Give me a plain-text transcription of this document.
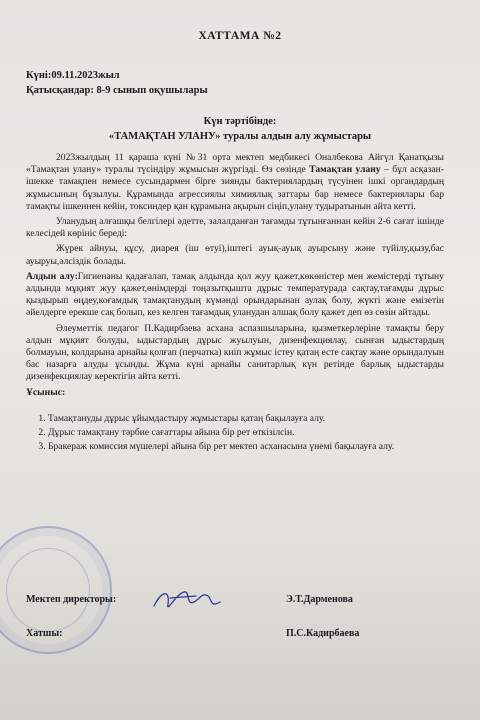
ХАТТАМА №2
Күні:09.11.2023жыл
Қатысқандар: 8-9 сынып оқушылары
Күн тәртібінде:
«ТАМАҚТАН УЛАНУ» туралы алдын алу жұмыстары

2023жылдың 11 қараша күні №31 орта мектеп медбикесі Оналбекова Айгүл Қанатқызы «Тамақтан улану» туралы түсіндіру жұмысын жүргізді. Өз сөзінде Тамақтан улану – бұл асқазан-ішекке тамақпен немесе сусындармен бірге зиянды бактериялардың түсуінен ішкі органдардың жұмысының бұзылуы. Құрамында агрессиялы химиялық заттары бар немесе бактериялары бар тамақты ішкеннен кейін, токсиндер қан құрамына ақырын сіңіп,улану тудыратынын айта кетті.

Уланудың алғашқы белгілері әдетте, залалданған тағамды тұтынғаннан кейін 2-6 сағат ішінде келесідей көрініс береді:

Жүрек айнуы, құсу, диарея (іш өтуі),іштегі ауық-ауық ауырсыну және түйілу,қызу,бас ауыруы,әлсіздік болады.

Алдын алу:Гигиенаны қадағалап, тамақ алдында қол жуу қажет,көкөністер мен жемістерді тұтыну алдында мұқият жуу қажет,өнімдерді тоңазытқышта дұрыс температурада сақтау,тағамды дұрыс қыздырып өңдеу,коғамдық тамақтанудың күмәнді орындарынан аулақ болу, жүкті және емізетін әйелдерге ерекше сақ болып, кез келген тағамдық уланудан алшақ болу қажет деп өз сөзін айтады.

Әлеуметтік педагог П.Кадирбаева асхана аспазшыларына, қызметкерлеріне тамақты беру алдын мұқият болуды, ыдыстардың дұрыс жуылуын, дизенфекциялау, сынған ыдыстардың болмауын, колдарына арнайы қолғап (перчатка) киіп жұмыс істеу қатаң есте сақтау және орындалуын бас назарға алуды ұсынды. Жұма күні арнайы санитарлық күн ретінде барлық ыдыстарды дизенфекциялау керектігін айта кетті.

Ұсыныс:

1. Тамақтануды дұрыс ұйымдастыру жұмыстары қатаң бақылауға алу.
2. Дұрыс тамақтану тәрбие сағаттары айына бір рет өткізілсін.
3. Бракераж комиссия мүшелері айына бір рет мектеп асханасына үнемі бақылауға алу.
Мектеп директоры:	Э.Т.Дарменова
Хатшы:	П.С.Кадирбаева
